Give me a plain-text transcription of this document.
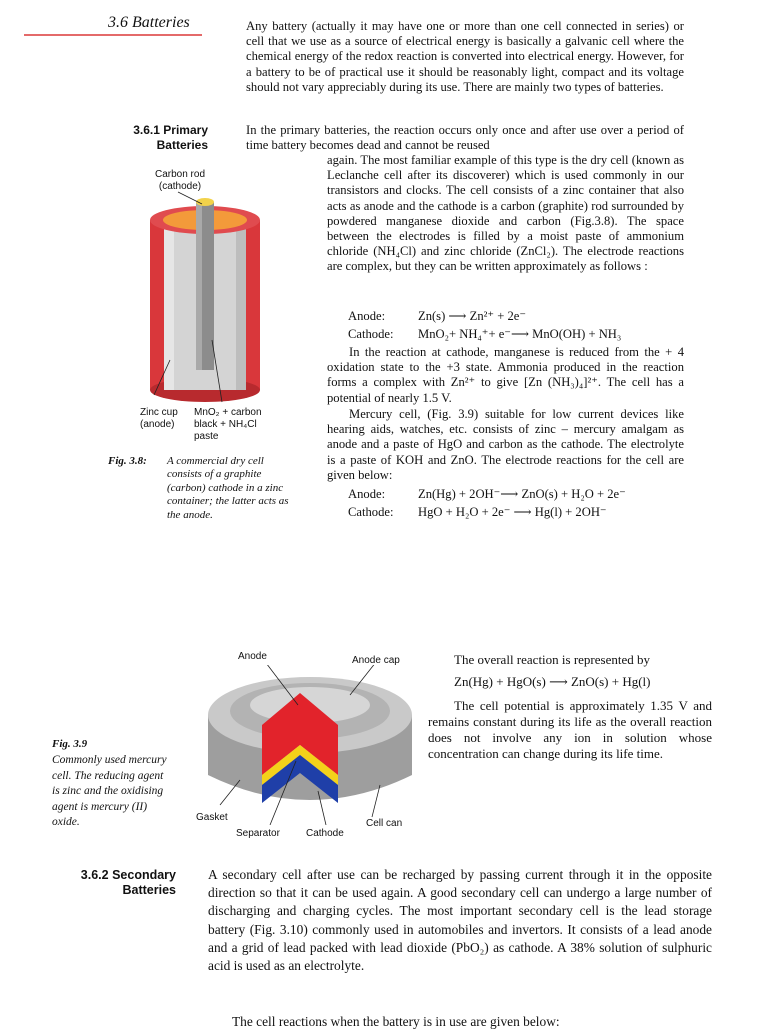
3.6 Batteries	Any battery (actually it may have one or more than one cell connected in series) or cell that we use as a source of electrical energy is basically a galvanic cell where the chemical energy of the redox reaction is converted into electrical energy. However, for a battery to be of practical use it should be reasonably light, compact and its voltage should not vary appreciably during its use. There are mainly two types of batteries.
3.6.1 Primary
Batteries
In the primary batteries, the reaction occurs only once and after use over a period of time battery becomes dead and cannot be reused
again. The most familiar example of this type is the dry cell (known as Leclanche cell after its discoverer) which is used commonly in our transistors and clocks. The cell consists of a zinc container that also acts as anode and the cathode is a carbon (graphite) rod surrounded by powdered manganese dioxide and carbon (Fig.3.8). The space between the electrodes is filled by a moist paste of ammonium chloride (NH₄Cl) and zinc chloride (ZnCl₂). The electrode reactions are complex, but they can be written approximately as follows :
Anode:	Zn(s) ⟶ Zn²⁺ + 2e⁻
Cathode: MnO₂+ NH₄⁺+ e⁻⟶ MnO(OH) + NH₃
In the reaction at cathode, manganese is reduced from the + 4 oxidation state to the +3 state. Ammonia produced in the reaction forms a complex with Zn²⁺ to give [Zn (NH₃)₄]²⁺. The cell has a potential of nearly 1.5 V.
Mercury cell, (Fig. 3.9) suitable for low current devices like hearing aids, watches, etc. consists of zinc – mercury amalgam as anode and a paste of HgO and carbon as the cathode. The electrolyte is a paste of KOH and ZnO. The electrode reactions for the cell are given below:
Anode:	Zn(Hg) + 2OH⁻⟶ ZnO(s) + H₂O + 2e⁻
Cathode: HgO + H₂O + 2e⁻ ⟶ Hg(l) + 2OH⁻
Carbon rod (cathode)
Zinc cup (anode)
MnO₂ + carbon black + NH₄Cl paste
Fig. 3.8:	A commercial dry cell consists of a graphite (carbon) cathode in a zinc container; the latter acts as the anode.
Anode	Anode cap
Gasket
Separator	Cathode
Cell can
Fig. 3.9
Commonly used mercury cell. The reducing agent is zinc and the oxidising agent is mercury (II) oxide.
The overall reaction is represented by
Zn(Hg) + HgO(s) ⟶ ZnO(s) + Hg(l)
The cell potential is approximately 1.35 V and remains constant during its life as the overall reaction does not involve any ion in solution whose concentration can change during its life time.
3.6.2 Secondary
Batteries
A secondary cell after use can be recharged by passing current through it in the opposite direction so that it can be used again. A good secondary cell can undergo a large number of discharging and charging cycles. The most important secondary cell is the lead storage battery (Fig. 3.10) commonly used in automobiles and invertors. It consists of a lead anode and a grid of lead packed with lead dioxide (PbO₂) as cathode. A 38% solution of sulphuric acid is used as an electrolyte.
The cell reactions when the battery is in use are given below:
